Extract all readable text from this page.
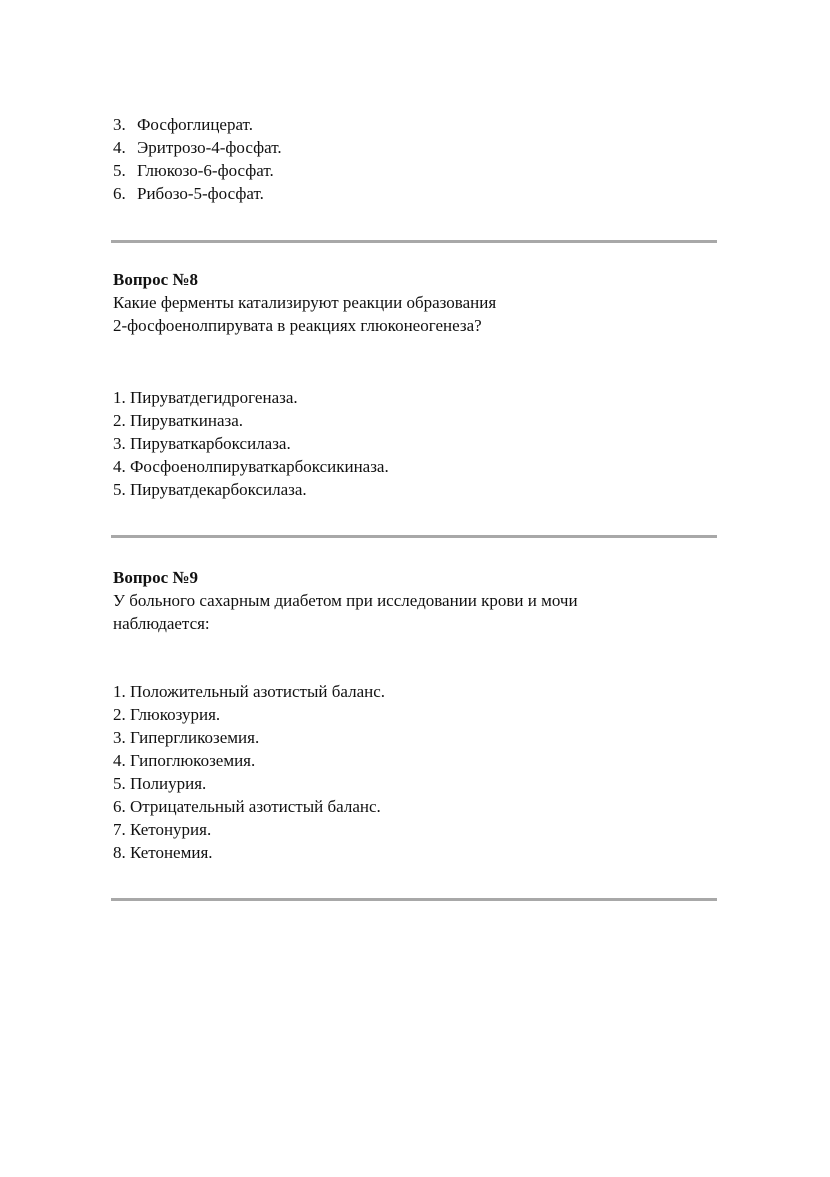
3. Фосфоглицерат.
4. Эритрозо-4-фосфат.
5. Глюкозо-6-фосфат.
6. Рибозо-5-фосфат.
Вопрос №8
Какие ферменты катализируют реакции образования
2-фосфоенолпирувата в реакциях глюконеогенеза?
1. Пируватдегидрогеназа.
2. Пируваткиназа.
3. Пируваткарбоксилаза.
4. Фосфоенолпируваткарбоксикиназа.
5. Пируватдекарбоксилаза.
Вопрос №9
У больного сахарным диабетом при исследовании крови и мочи
наблюдается:
1. Положительный азотистый баланс.
2. Глюкозурия.
3. Гипергликоземия.
4. Гипоглюкоземия.
5. Полиурия.
6. Отрицательный азотистый баланс.
7. Кетонурия.
8. Кетонемия.
